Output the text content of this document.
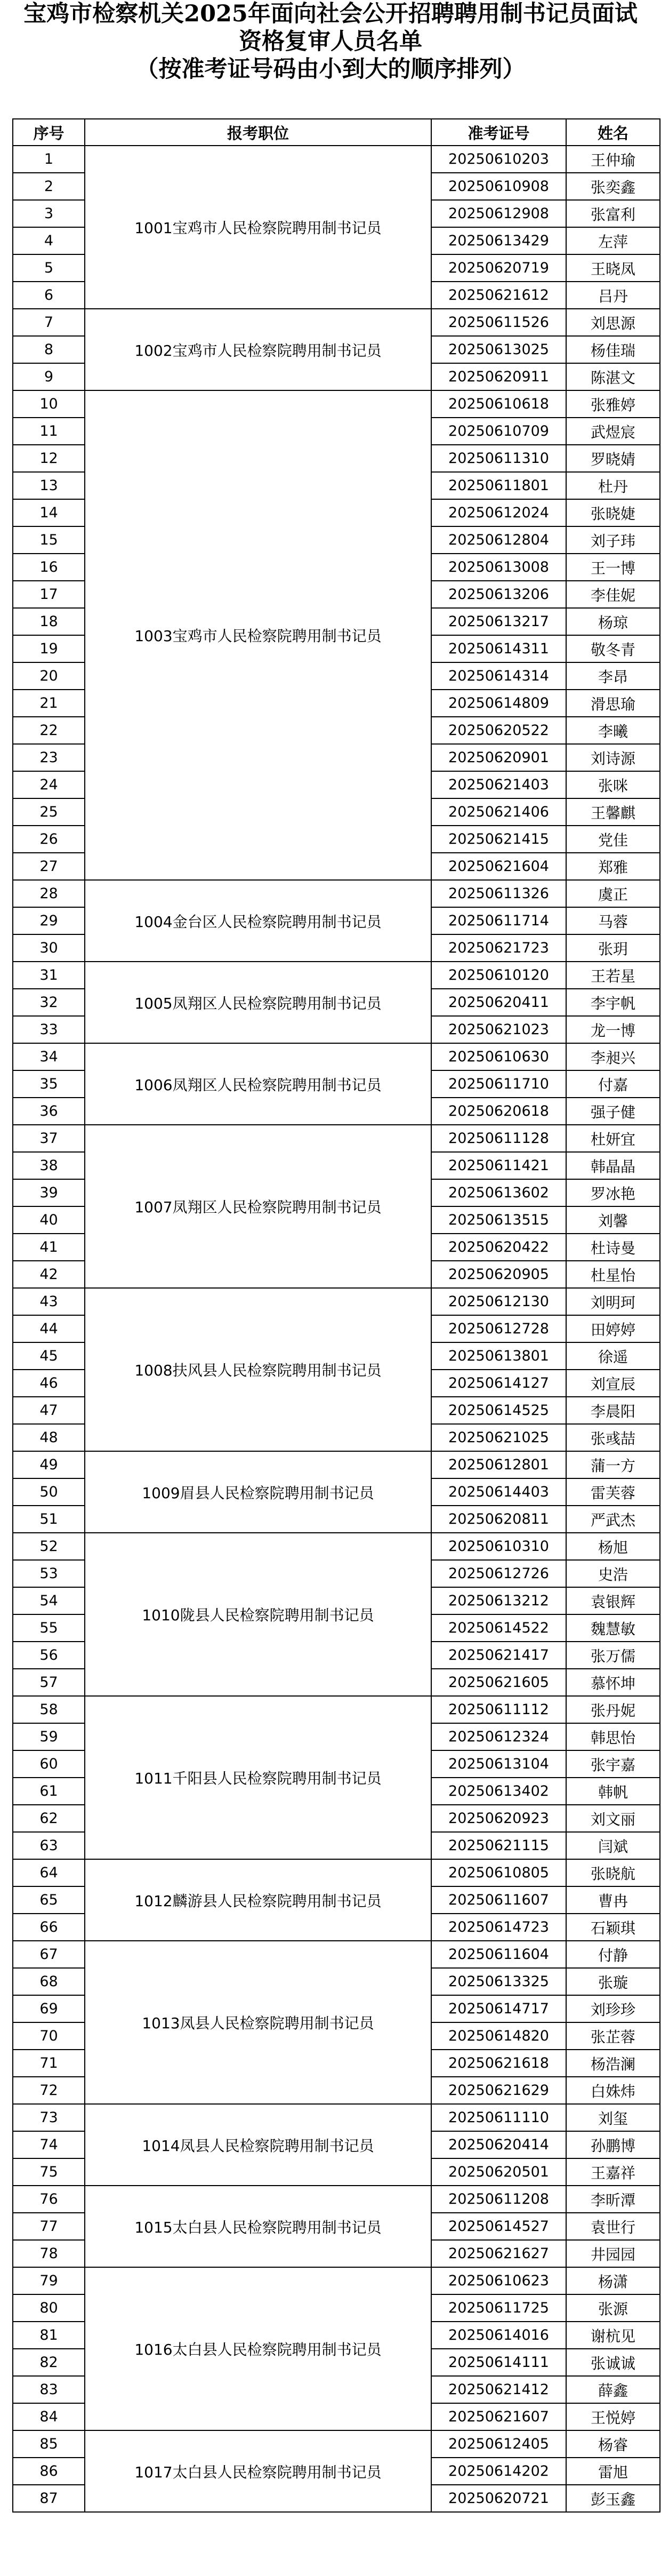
宝鸡市检察机关2025年面向社会公开招聘聘用制书记员面试
资格复审人员名单
（按准考证号码由小到大的顺序排列）
序号	报考职位	准考证号	姓名
1	1001宝鸡市人民检察院聘用制书记员	20250610203	王仲瑜
2		20250610908	张奕鑫
3		20250612908	张富利
4		20250613429	左萍
5		20250620719	王晓凤
6		20250621612	吕丹
7	1002宝鸡市人民检察院聘用制书记员	20250611526	刘思源
8		20250613025	杨佳瑞
9		20250620911	陈湛文
10	1003宝鸡市人民检察院聘用制书记员	20250610618	张雅婷
11		20250610709	武煜宸
12		20250611310	罗晓婧
13		20250611801	杜丹
14		20250612024	张晓婕
15		20250612804	刘子玮
16		20250613008	王一博
17		20250613206	李佳妮
18		20250613217	杨琼
19		20250614311	敬冬青
20		20250614314	李昂
21		20250614809	滑思瑜
22		20250620522	李曦
23		20250620901	刘诗源
24		20250621403	张咪
25		20250621406	王馨麒
26		20250621415	党佳
27		20250621604	郑雅
28	1004金台区人民检察院聘用制书记员	20250611326	虞正
29		20250611714	马蓉
30		20250621723	张玥
31	1005凤翔区人民检察院聘用制书记员	20250610120	王若星
32		20250620411	李宇帆
33		20250621023	龙一博
34	1006凤翔区人民检察院聘用制书记员	20250610630	李昶兴
35		20250611710	付嘉
36		20250620618	强子健
37	1007凤翔区人民检察院聘用制书记员	20250611128	杜妍宜
38		20250611421	韩晶晶
39		20250613602	罗冰艳
40		20250613515	刘馨
41		20250620422	杜诗曼
42		20250620905	杜星怡
43	1008扶风县人民检察院聘用制书记员	20250612130	刘明珂
44		20250612728	田婷婷
45		20250613801	徐遥
46		20250614127	刘宣辰
47		20250614525	李晨阳
48		20250621025	张彧喆
49	1009眉县人民检察院聘用制书记员	20250612801	蒲一方
50		20250614403	雷芙蓉
51		20250620811	严武杰
52	1010陇县人民检察院聘用制书记员	20250610310	杨旭
53		20250612726	史浩
54		20250613212	袁银辉
55		20250614522	魏慧敏
56		20250621417	张万儒
57		20250621605	慕怀坤
58	1011千阳县人民检察院聘用制书记员	20250611112	张丹妮
59		20250612324	韩思怡
60		20250613104	张宇嘉
61		20250613402	韩帆
62		20250620923	刘文丽
63		20250621115	闫斌
64	1012麟游县人民检察院聘用制书记员	20250610805	张晓航
65		20250611607	曹冉
66		20250614723	石颖琪
67	1013凤县人民检察院聘用制书记员	20250611604	付静
68		20250613325	张璇
69		20250614717	刘珍珍
70		20250614820	张芷蓉
71		20250621618	杨浩澜
72		20250621629	白姝炜
73	1014凤县人民检察院聘用制书记员	20250611110	刘玺
74		20250620414	孙鹏博
75		20250620501	王嘉祥
76	1015太白县人民检察院聘用制书记员	20250611208	李昕潭
77		20250614527	袁世行
78		20250621627	井园园
79	1016太白县人民检察院聘用制书记员	20250610623	杨潇
80		20250611725	张源
81		20250614016	谢杭见
82		20250614111	张诚诚
83		20250621412	薛鑫
84		20250621607	王悦婷
85	1017太白县人民检察院聘用制书记员	20250612405	杨睿
86		20250614202	雷旭
87		20250620721	彭玉鑫
